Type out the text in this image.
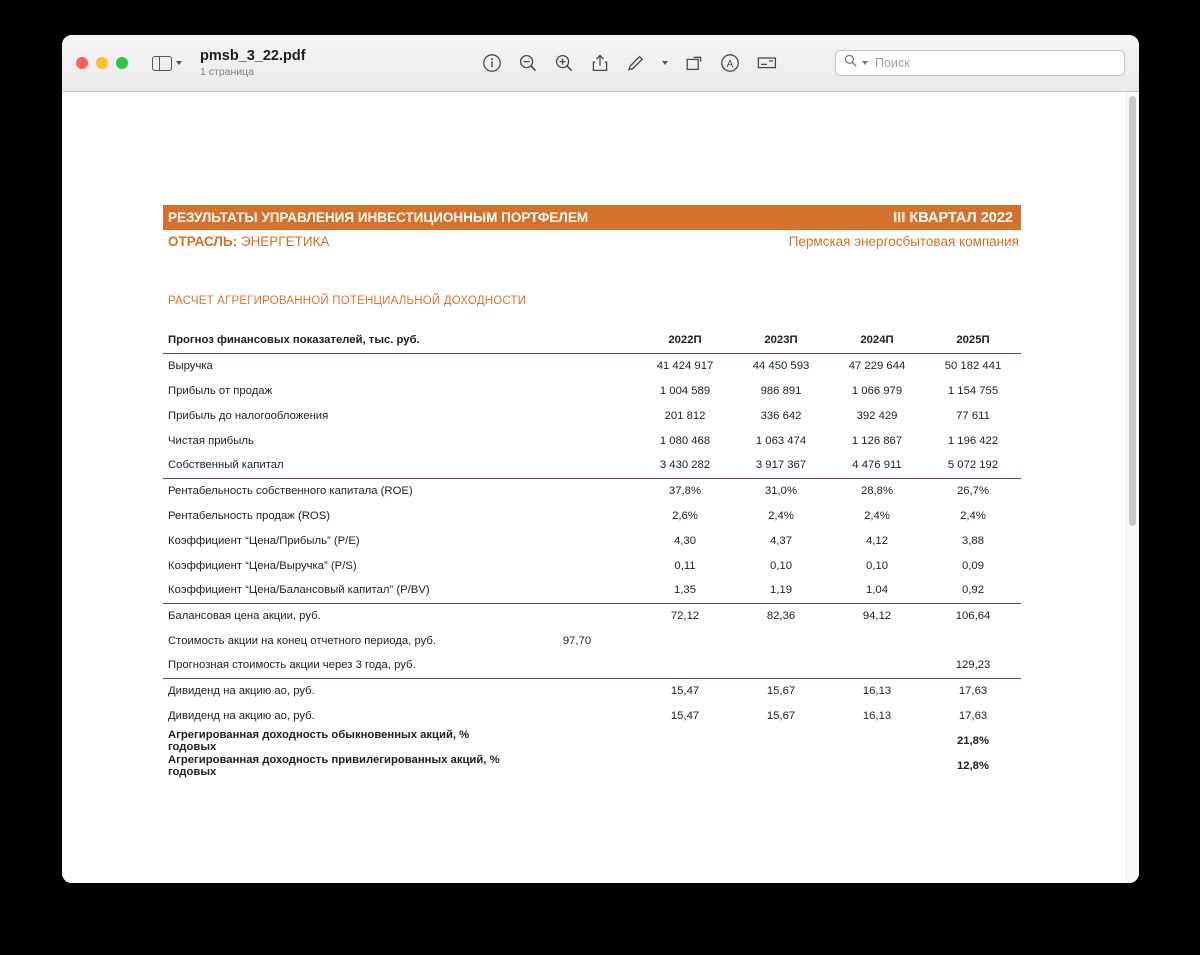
pmsb_3_22.pdf
1 страница
A
Поиск
РЕЗУЛЬТАТЫ УПРАВЛЕНИЯ ИНВЕСТИЦИОННЫМ ПОРТФЕЛЕМ	III КВАРТАЛ 2022
ОТРАСЛЬ: ЭНЕРГЕТИКА	Пермская энергосбытовая компания
РАСЧЕТ АГРЕГИРОВАННОЙ ПОТЕНЦИАЛЬНОЙ ДОХОДНОСТИ
Прогноз финансовых показателей, тыс. руб.		2022П	2023П	2024П	2025П
Выручка		41 424 917	44 450 593	47 229 644	50 182 441
Прибыль от продаж		1 004 589	986 891	1 066 979	1 154 755
Прибыль до налогообложения		201 812	336 642	392 429	77 611
Чистая прибыль		1 080 468	1 063 474	1 126 867	1 196 422
Собственный капитал		3 430 282	3 917 367	4 476 911	5 072 192
Рентабельность собственного капитала (ROE)		37,8%	31,0%	28,8%	26,7%
Рентабельность продаж (ROS)		2,6%	2,4%	2,4%	2,4%
Коэффициент “Цена/Прибыль” (P/E)		4,30	4,37	4,12	3,88
Коэффициент “Цена/Выручка” (P/S)		0,11	0,10	0,10	0,09
Коэффициент “Цена/Балансовый капитал” (P/BV)		1,35	1,19	1,04	0,92
Балансовая цена акции, руб.		72,12	82,36	94,12	106,64
Стоимость акции на конец отчетного периода, руб.	97,70				
Прогнозная стоимость акции через 3 года, руб.					129,23
Дивиденд на акцию ао, руб.		15,47	15,67	16,13	17,63
Дивиденд на акцию ао, руб.		15,47	15,67	16,13	17,63
Агрегированная доходность обыкновенных акций, % годовых					21,8%
Агрегированная доходность привилегированных акций, % годовых					12,8%
